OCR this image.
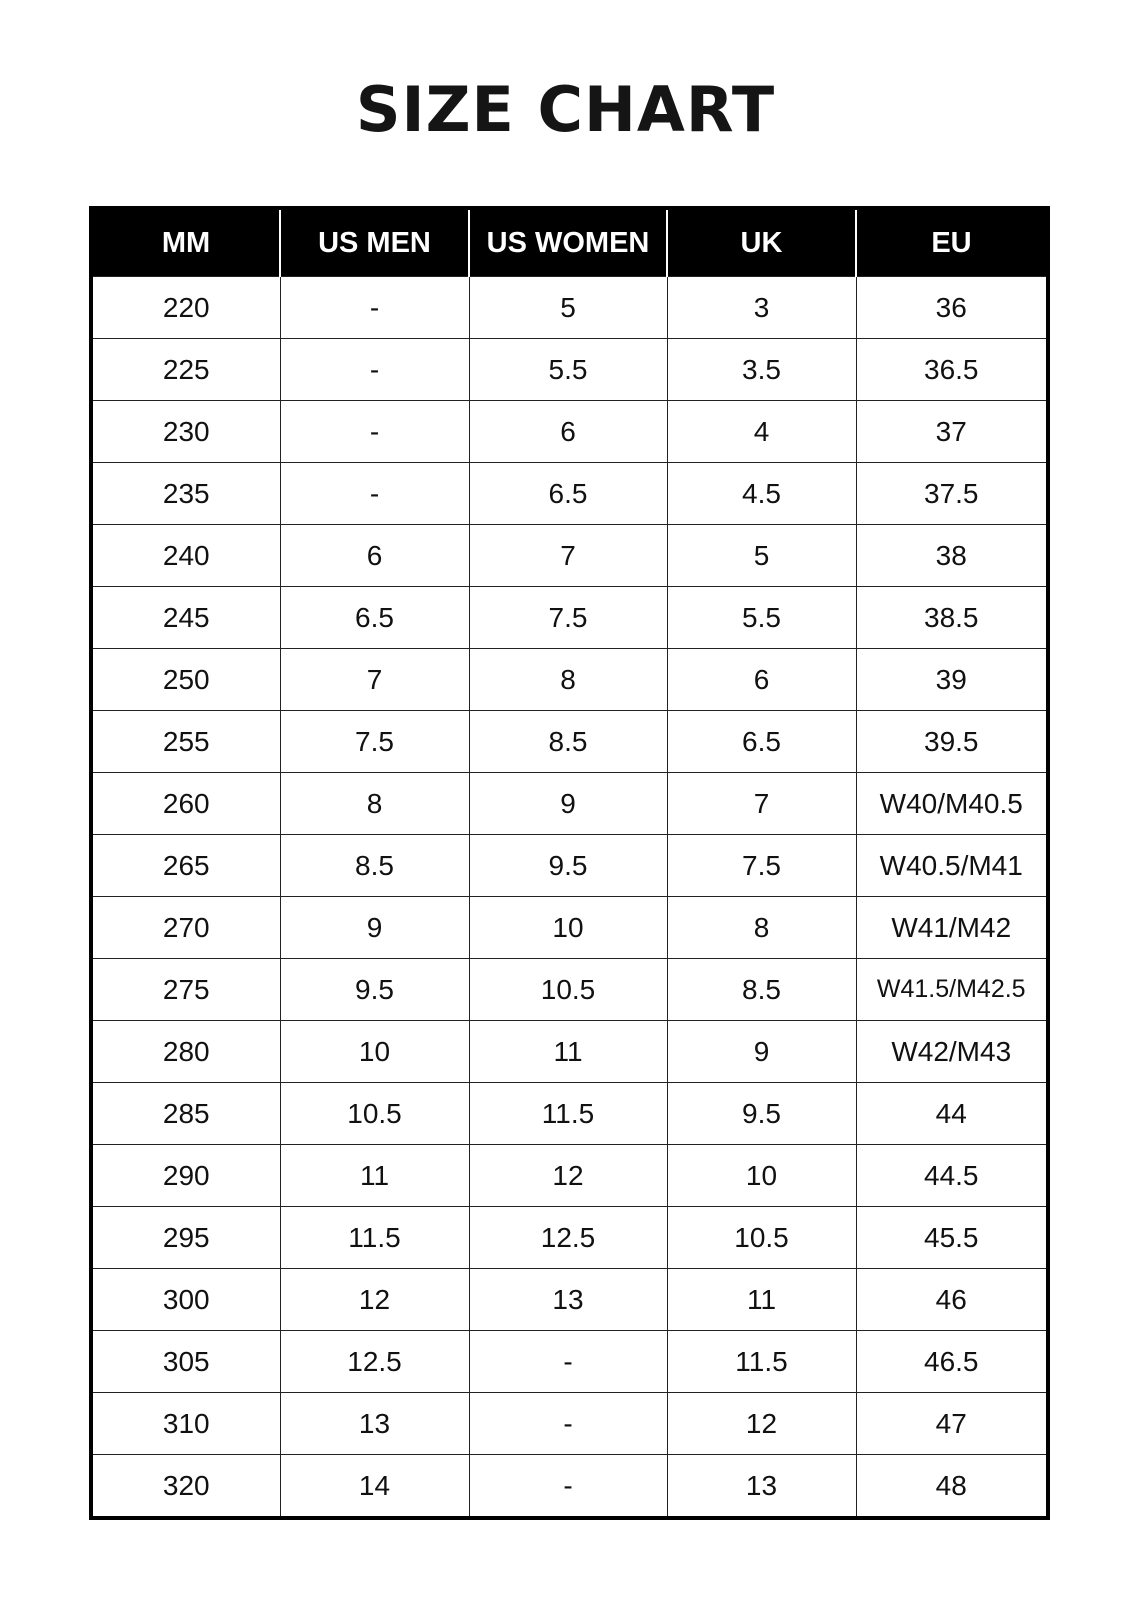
SIZE CHART
MM	US MEN	US WOMEN	UK	EU
220	-	5	3	36
225	-	5.5	3.5	36.5
230	-	6	4	37
235	-	6.5	4.5	37.5
240	6	7	5	38
245	6.5	7.5	5.5	38.5
250	7	8	6	39
255	7.5	8.5	6.5	39.5
260	8	9	7	W40/M40.5
265	8.5	9.5	7.5	W40.5/M41
270	9	10	8	W41/M42
275	9.5	10.5	8.5	W41.5/M42.5
280	10	11	9	W42/M43
285	10.5	11.5	9.5	44
290	11	12	10	44.5
295	11.5	12.5	10.5	45.5
300	12	13	11	46
305	12.5	-	11.5	46.5
310	13	-	12	47
320	14	-	13	48
